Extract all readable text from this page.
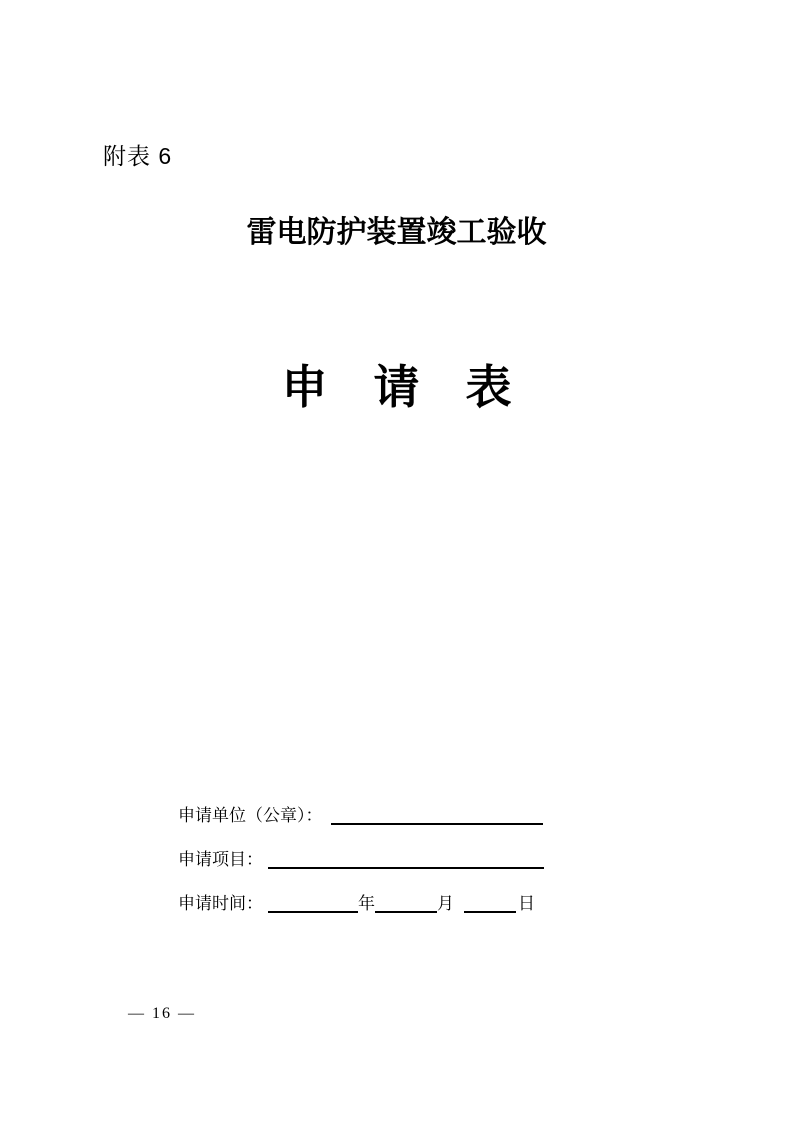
附表 6
雷电防护装置竣工验收
申　请　表
申请单位（公章）：
申请项目：
申请时间：	年	月	日
— 16 —
